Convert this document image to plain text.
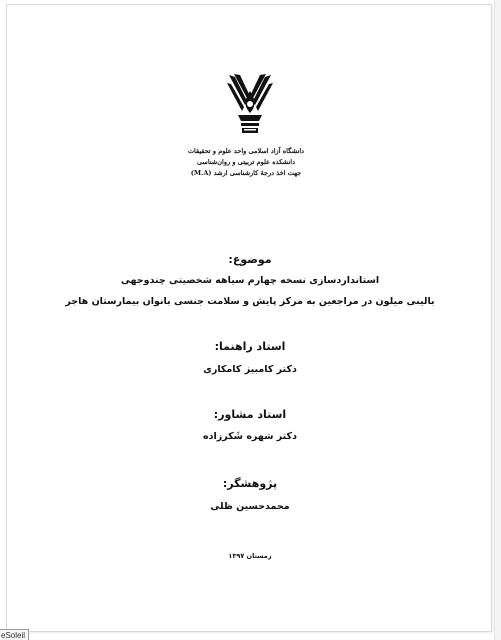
دانشگاه آزاد اسلامی واحد علوم و تحقیقات
دانشکده علوم تربیتی و روان‌شناسی
جهت اخذ درجهٔ کارشناسی ارشد (M.A)
موضوع:
استانداردسازی نسخه چهارم سیاهه شخصیتی چندوجهی
بالینی میلون در مراجعین به مرکز پایش و سلامت جنسی بانوان بیمارستان هاجر
استاد راهنما:
دکتر کامبیز کامکاری
استاد مشاور:
دکتر شهره شَکرزاده
پژوهشگر:
محمدحسین ظلی
زمستان ۱۳۹۷
eSoleil
